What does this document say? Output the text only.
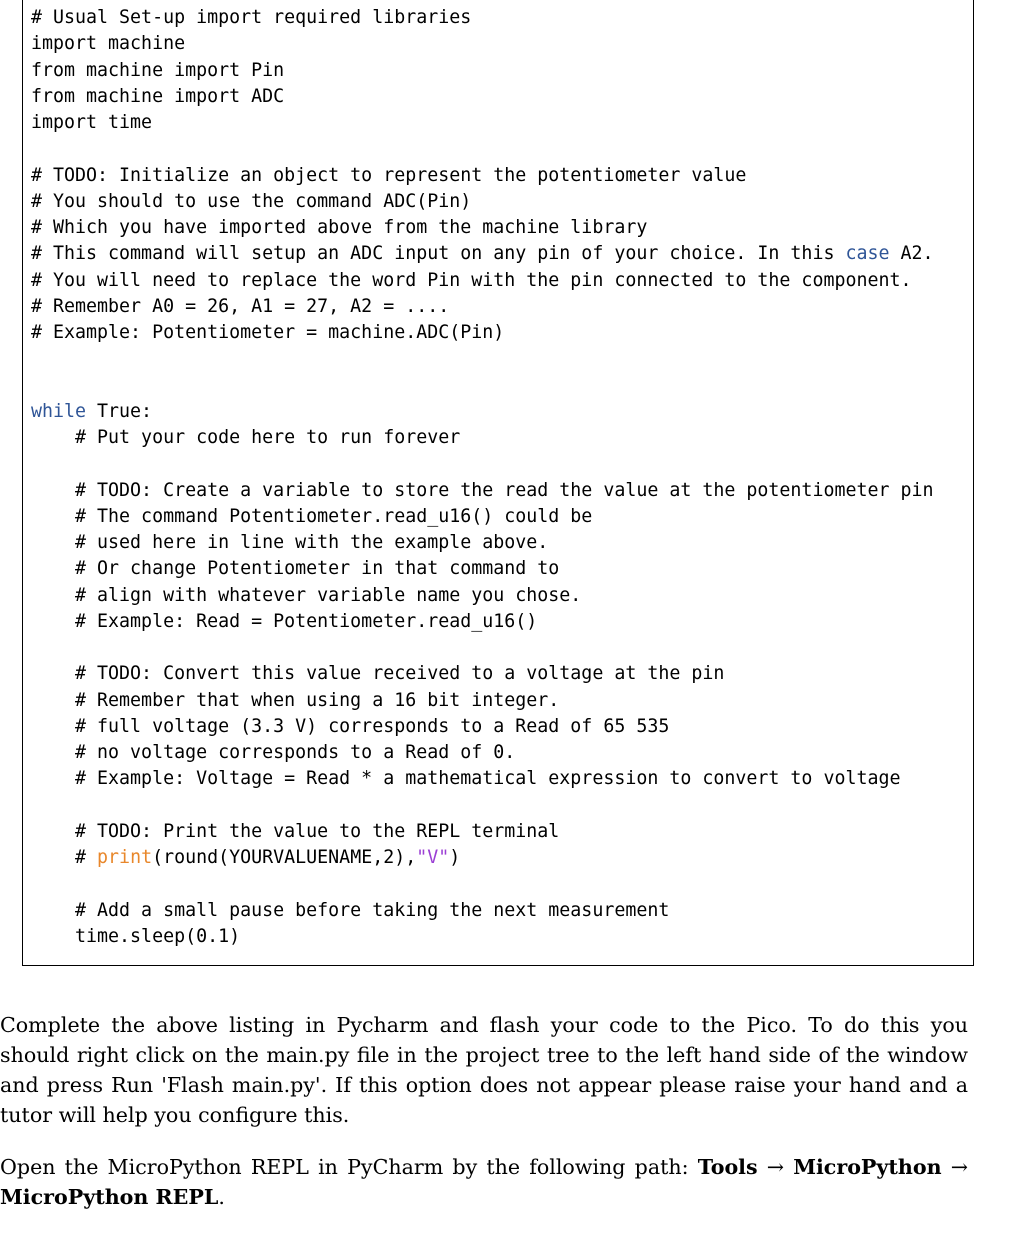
# Usual Set-up import required libraries
import machine
from machine import Pin
from machine import ADC
import time
# TODO: Initialize an object to represent the potentiometer value
# You should to use the command ADC(Pin)
# Which you have imported above from the machine library
# This command will setup an ADC input on any pin of your choice. In this case A2.
# You will need to replace the word Pin with the pin connected to the component.
# Remember A0 = 26, A1 = 27, A2 = ....
# Example: Potentiometer = machine.ADC(Pin)
while True:
# Put your code here to run forever
# TODO: Create a variable to store the read the value at the potentiometer pin
# The command Potentiometer.read_u16() could be
# used here in line with the example above.
# Or change Potentiometer in that command to
# align with whatever variable name you chose.
# Example: Read = Potentiometer.read_u16()
# TODO: Convert this value received to a voltage at the pin
# Remember that when using a 16 bit integer.
# full voltage (3.3 V) corresponds to a Read of 65 535
# no voltage corresponds to a Read of 0.
# Example: Voltage = Read * a mathematical expression to convert to voltage
# TODO: Print the value to the REPL terminal
# print(round(YOURVALUENAME,2),"V")
# Add a small pause before taking the next measurement
time.sleep(0.1)

Complete the above listing in Pycharm and flash your code to the Pico. To do this you should right click on the main.py file in the project tree to the left hand side of the window and press Run 'Flash main.py'. If this option does not appear please raise your hand and a tutor will help you configure this.

Open the MicroPython REPL in PyCharm by the following path: Tools → MicroPython → MicroPython REPL.
